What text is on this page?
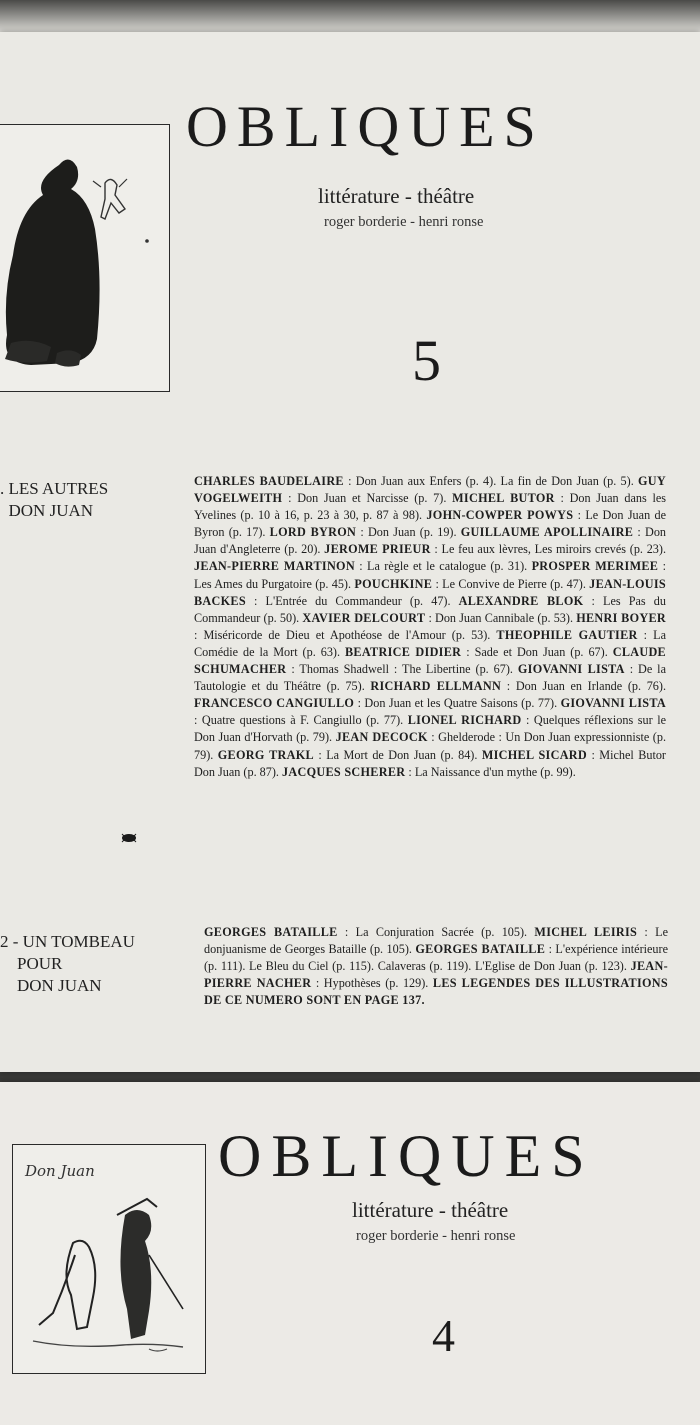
OBLIQUES
littérature - théâtre
roger borderie - henri ronse
5
. LES AUTRES
DON JUAN
CHARLES BAUDELAIRE : Don Juan aux Enfers (p. 4). La fin de Don Juan (p. 5). GUY VOGELWEITH : Don Juan et Narcisse (p. 7). MICHEL BUTOR : Don Juan dans les Yvelines (p. 10 à 16, p. 23 à 30, p. 87 à 98). JOHN-COWPER POWYS : Le Don Juan de Byron (p. 17). LORD BYRON : Don Juan (p. 19). GUILLAUME APOLLINAIRE : Don Juan d'Angleterre (p. 20). JEROME PRIEUR : Le feu aux lèvres, Les miroirs crevés (p. 23). JEAN-PIERRE MARTINON : La règle et le catalogue (p. 31). PROSPER MERIMEE : Les Ames du Purgatoire (p. 45). POUCHKINE : Le Convive de Pierre (p. 47). JEAN-LOUIS BACKES : L'Entrée du Commandeur (p. 47). ALEXANDRE BLOK : Les Pas du Commandeur (p. 50). XAVIER DELCOURT : Don Juan Cannibale (p. 53). HENRI BOYER : Miséricorde de Dieu et Apothéose de l'Amour (p. 53). THEOPHILE GAUTIER : La Comédie de la Mort (p. 63). BEATRICE DIDIER : Sade et Don Juan (p. 67). CLAUDE SCHUMACHER : Thomas Shadwell : The Libertine (p. 67). GIOVANNI LISTA : De la Tautologie et du Théâtre (p. 75). RICHARD ELLMANN : Don Juan en Irlande (p. 76). FRANCESCO CANGIULLO : Don Juan et les Quatre Saisons (p. 77). GIOVANNI LISTA : Quatre questions à F. Cangiullo (p. 77). LIONEL RICHARD : Quelques réflexions sur le Don Juan d'Horvath (p. 79). JEAN DECOCK : Ghelderode : Un Don Juan expressionniste (p. 79). GEORG TRAKL : La Mort de Don Juan (p. 84). MICHEL SICARD : Michel Butor Don Juan (p. 87). JACQUES SCHERER : La Naissance d'un mythe (p. 99).
2 - UN TOMBEAU
POUR
DON JUAN
GEORGES BATAILLE : La Conjuration Sacrée (p. 105). MICHEL LEIRIS : Le donjuanisme de Georges Bataille (p. 105). GEORGES BATAILLE : L'expérience intérieure (p. 111). Le Bleu du Ciel (p. 115). Calaveras (p. 119). L'Eglise de Don Juan (p. 123). JEAN-PIERRE NACHER : Hypothèses (p. 129). LES LEGENDES DES ILLUSTRATIONS DE CE NUMERO SONT EN PAGE 137.
Don Juan OBLIQUES
littérature - théâtre
roger borderie - henri ronse
4
